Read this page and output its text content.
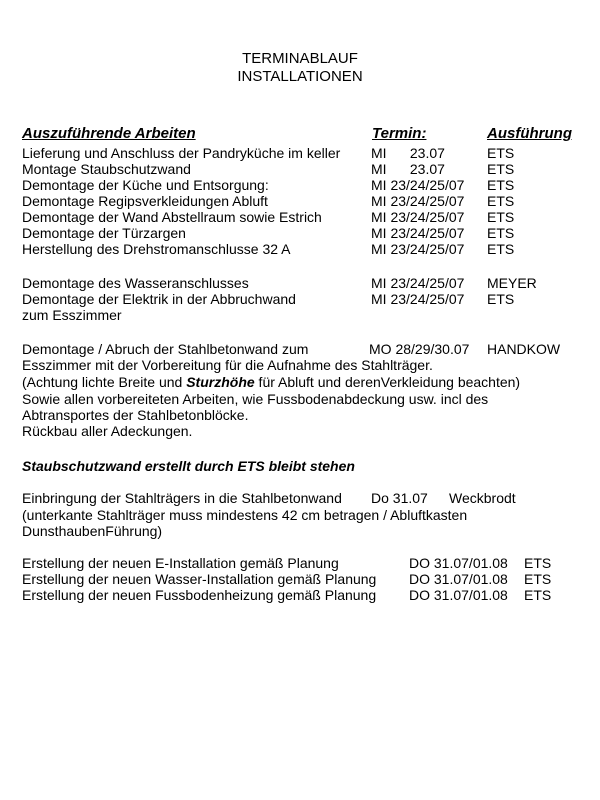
TERMINABLAUF
INSTALLATIONEN
Auszuführende Arbeiten	Termin:	Ausführung
Lieferung und Anschluss der Pandryküche im keller MI      23.07	ETS
Montage Staubschutzwand	MI      23.07	ETS
Demontage der Küche und Entsorgung:	MI 23/24/25/07 ETS
Demontage Regipsverkleidungen Abluft	MI 23/24/25/07 ETS
Demontage der Wand Abstellraum sowie Estrich	MI 23/24/25/07 ETS
Demontage der Türzargen	MI 23/24/25/07 ETS
Herstellung des Drehstromanschlusse 32 A	MI 23/24/25/07 ETS
Demontage des Wasseranschlusses	MI 23/24/25/07 MEYER
Demontage der Elektrik in der Abbruchwand	MI 23/24/25/07 ETS
zum Esszimmer
Demontage / Abruch der Stahlbetonwand zum	MO 28/29/30.07 HANDKOW
Esszimmer mit der Vorbereitung für die Aufnahme des Stahlträger.
(Achtung lichte Breite und Sturzhöhe für Abluft und derenVerkleidung beachten)
Sowie allen vorbereiteten Arbeiten, wie Fussbodenabdeckung usw. incl des
Abtransportes der Stahlbetonblöcke.
Rückbau aller Adeckungen.
Staubschutzwand erstellt durch ETS bleibt stehen
Einbringung der Stahlträgers in die Stahlbetonwand Do 31.07 Weckbrodt
(unterkante Stahlträger muss mindestens 42 cm betragen / Abluftkasten
DunsthaubenFührung)
Erstellung der neuen E-Installation gemäß Planung	DO 31.07/01.08 ETS
Erstellung der neuen Wasser-Installation gemäß Planung DO 31.07/01.08 ETS
Erstellung der neuen Fussbodenheizung gemäß Planung DO 31.07/01.08 ETS
